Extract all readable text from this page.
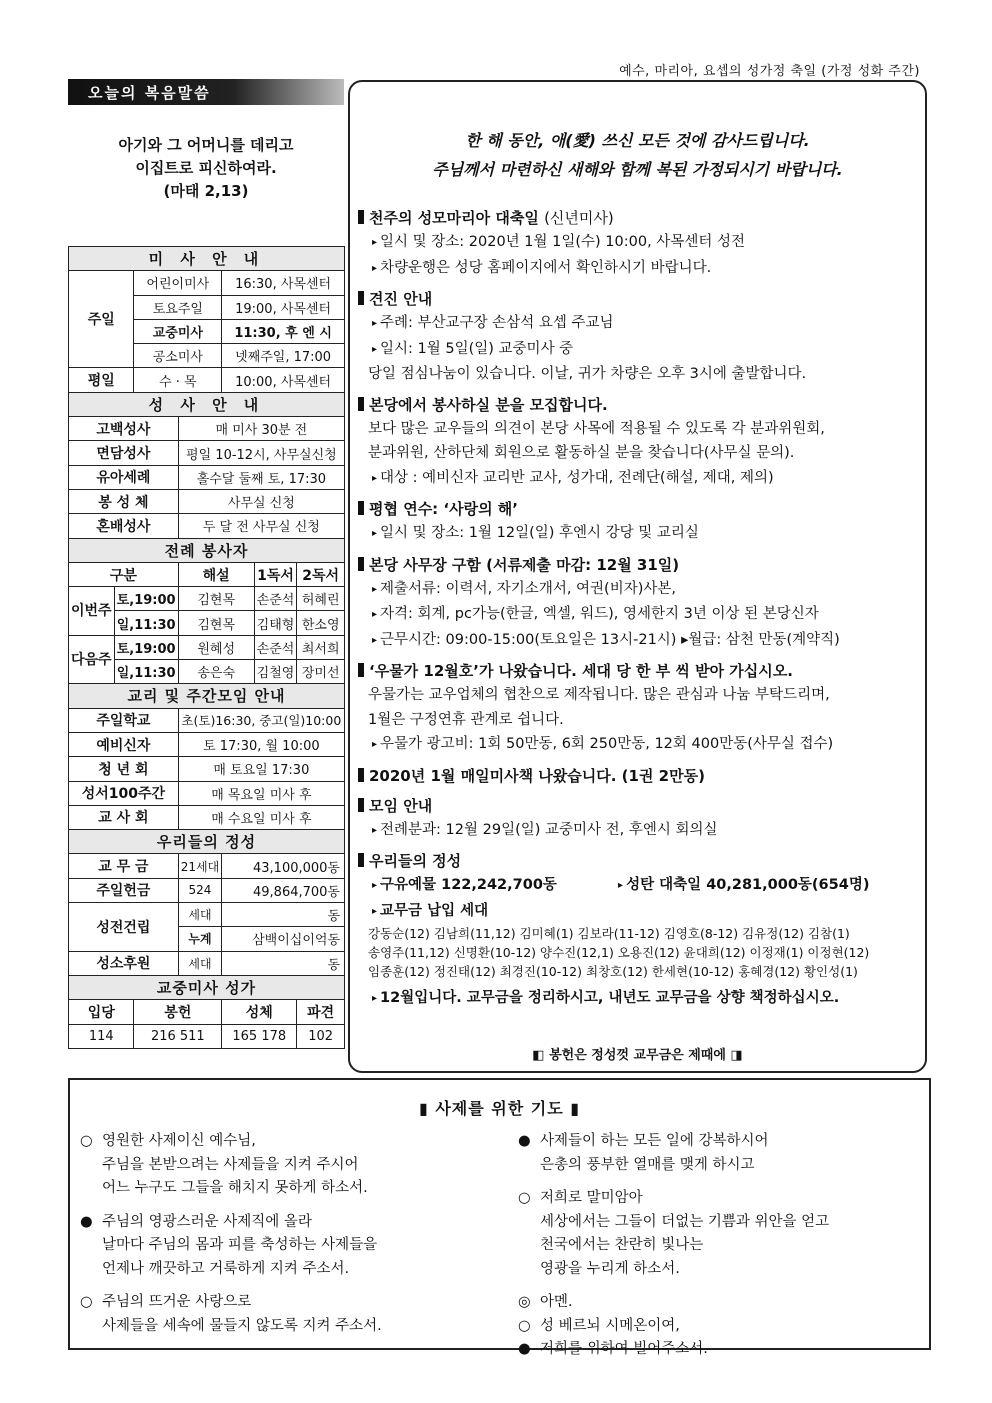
예수, 마리아, 요셉의 성가정 축일 (가정 성화 주간)
오늘의 복음말씀
아기와 그 어머니를 데리고
이집트로 피신하여라.
(마태 2,13)
미 사 안 내						
주일		어린이미사		16:30, 사목센터		
		토요주일		19:00, 사목센터		
		교중미사		11:30, 후 엔 시		
		공소미사		넷째주일, 17:00		
평일		수 · 목		10:00, 사목센터		
성 사 안 내						
고백성사			매 미사 30분 전			
면담성사			평일 10-12시, 사무실신청			
유아세례			홀수달 둘째 토, 17:30			
봉 성 체			사무실 신청			
혼배성사			두 달 전 사무실 신청			
전례 봉사자						
구분			해설		1독서	2독서
이번주	토,19:00		김현목		손준석	허혜린
	일,11:30		김현목		김태형	한소영
다음주	토,19:00		원혜성		손준석	최서희
	일,11:30		송은숙		김철영	장미선
교리 및 주간모임 안내						
주일학교			초(토)16:30, 중고(일)10:00			
예비신자			토 17:30, 월 10:00			
청 년 회			매 토요일 17:30			
성서100주간			매 목요일 미사 후			
교 사 회			매 수요일 미사 후			
우리들의 정성						
교 무 금			21세대	43,100,000동		
주일헌금			524	49,864,700동		
성전건립			세대	동		
			누계	삼백이십이억동		
성소후원			세대	동		
교중미사 성가						
입당		봉헌		성체		파견
114		216 511		165 178		102
한 해 동안, 애(愛) 쓰신 모든 것에 감사드립니다.
주님께서 마련하신 새해와 함께 복된 가정되시기 바랍니다.
천주의 성모마리아 대축일 (신년미사)
▸ 일시 및 장소: 2020년 1월 1일(수) 10:00, 사목센터 성전
▸ 차량운행은 성당 홈페이지에서 확인하시기 바랍니다.
견진 안내
▸ 주례: 부산교구장 손삼석 요셉 주교님
▸ 일시: 1월 5일(일) 교중미사 중
당일 점심나눔이 있습니다. 이날, 귀가 차량은 오후 3시에 출발합니다.
본당에서 봉사하실 분을 모집합니다.
보다 많은 교우들의 의견이 본당 사목에 적용될 수 있도록 각 분과위원회,
분과위원, 산하단체 회원으로 활동하실 분을 찾습니다(사무실 문의).
▸ 대상 : 예비신자 교리반 교사, 성가대, 전례단(해설, 제대, 제의)
평협 연수: ‘사랑의 해’
▸ 일시 및 장소: 1월 12일(일) 후엔시 강당 및 교리실
본당 사무장 구함 (서류제출 마감: 12월 31일)
▸ 제출서류: 이력서, 자기소개서, 여권(비자)사본,
▸ 자격: 회계, pc가능(한글, 엑셀, 워드), 영세한지 3년 이상 된 본당신자
▸ 근무시간: 09:00-15:00(토요일은 13시-21시) ▸월급: 삼천 만동(계약직)
‘우물가 12월호’가 나왔습니다. 세대 당 한 부 씩 받아 가십시오.
우물가는 교우업체의 협찬으로 제작됩니다. 많은 관심과 나눔 부탁드리며,
1월은 구정연휴 관계로 쉽니다.
▸ 우물가 광고비: 1회 50만동, 6회 250만동, 12회 400만동(사무실 접수)
2020년 1월 매일미사책 나왔습니다. (1권 2만동)
모임 안내
▸ 전례분과: 12월 29일(일) 교중미사 전, 후엔시 회의실
우리들의 정성
▸ 구유예물 122,242,700동	▸ 성탄 대축일 40,281,000동(654명)
▸ 교무금 납입 세대
강동순(12) 김남희(11,12) 김미혜(1) 김보라(11-12) 김영호(8-12) 김유정(12) 김참(1)
송영주(11,12) 신명환(10-12) 양수진(12,1) 오용진(12) 윤대희(12) 이정재(1) 이정현(12)
임종훈(12) 정진태(12) 최경진(10-12) 최창호(12) 한세현(10-12) 홍혜경(12) 황인성(1)
▸ 12월입니다. 교무금을 정리하시고, 내년도 교무금을 상향 책정하십시오.
◧ 봉헌은 정성껏 교무금은 제때에 ◨
▮ 사제를 위한 기도 ▮
○ 영원한 사제이신 예수님,
주님을 본받으려는 사제들을 지켜 주시어
어느 누구도 그들을 해치지 못하게 하소서.
● 주님의 영광스러운 사제직에 올라
날마다 주님의 몸과 피를 축성하는 사제들을
언제나 깨끗하고 거룩하게 지켜 주소서.
○ 주님의 뜨거운 사랑으로
사제들을 세속에 물들지 않도록 지켜 주소서.
● 사제들이 하는 모든 일에 강복하시어
은총의 풍부한 열매를 맺게 하시고
○ 저희로 말미암아
세상에서는 그들이 더없는 기쁨과 위안을 얻고
천국에서는 찬란히 빛나는
영광을 누리게 하소서.
◎ 아멘.
○ 성 베르뇌 시메온이여,
● 저희를 위하여 빌어주소서.
